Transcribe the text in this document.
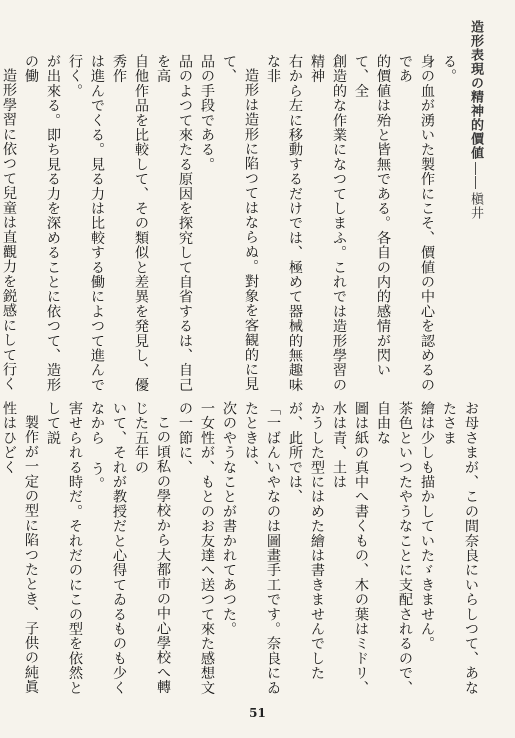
造形表現の精神的價値――槇井

る。

身の血が湧いた製作にこそ、價値の中心を認めるのであ

的價値は殆と皆無である。各自の内的感情が閃いて、全

創造的な作業になつてしまふ。これでは造形學習の精神

右から左に移動するだけでは、極めて器械的無趣味な非

造形は造形に陷つてはならぬ。對象を客観的に見て、

品の手段である。

品のよつて來たる原因を探究して自省するは、自己を高

自他作品を比較して、その類似と差異を発見し、優秀作

は進んでくる。見る力は比較する働によつて進んで行く。

が出來る。即ち見る力を深めることに依つて、造形の働

造形學習に依つて兒童は直觀力を鋭感にして行く

お母さまが、この間奈良にいらしつて、あなたさま

繪は少しも描かしていたゞきません。

茶色といつたやうなことに支配されるので、自由な

圖は紙の真中へ書くもの、木の葉はミドリ、水は青、土は

かうした型にはめた繪は書きませんでしたが、此所では、

「一ばんいやなのは圖畫手工です。奈良にゐたときは、

次のやうなことが書かれてあつた。

一女性が、もとのお友達へ送つて來た感想文の一節に、

この頃私の學校から大都市の中心學校へ轉じた五年の

いて、それが教授だと心得てゐるものも少くなから う。

害せられる時だ。それだのにこの型を依然として説

製作が一定の型に陷つたとき、子供の純眞性はひどく

51
